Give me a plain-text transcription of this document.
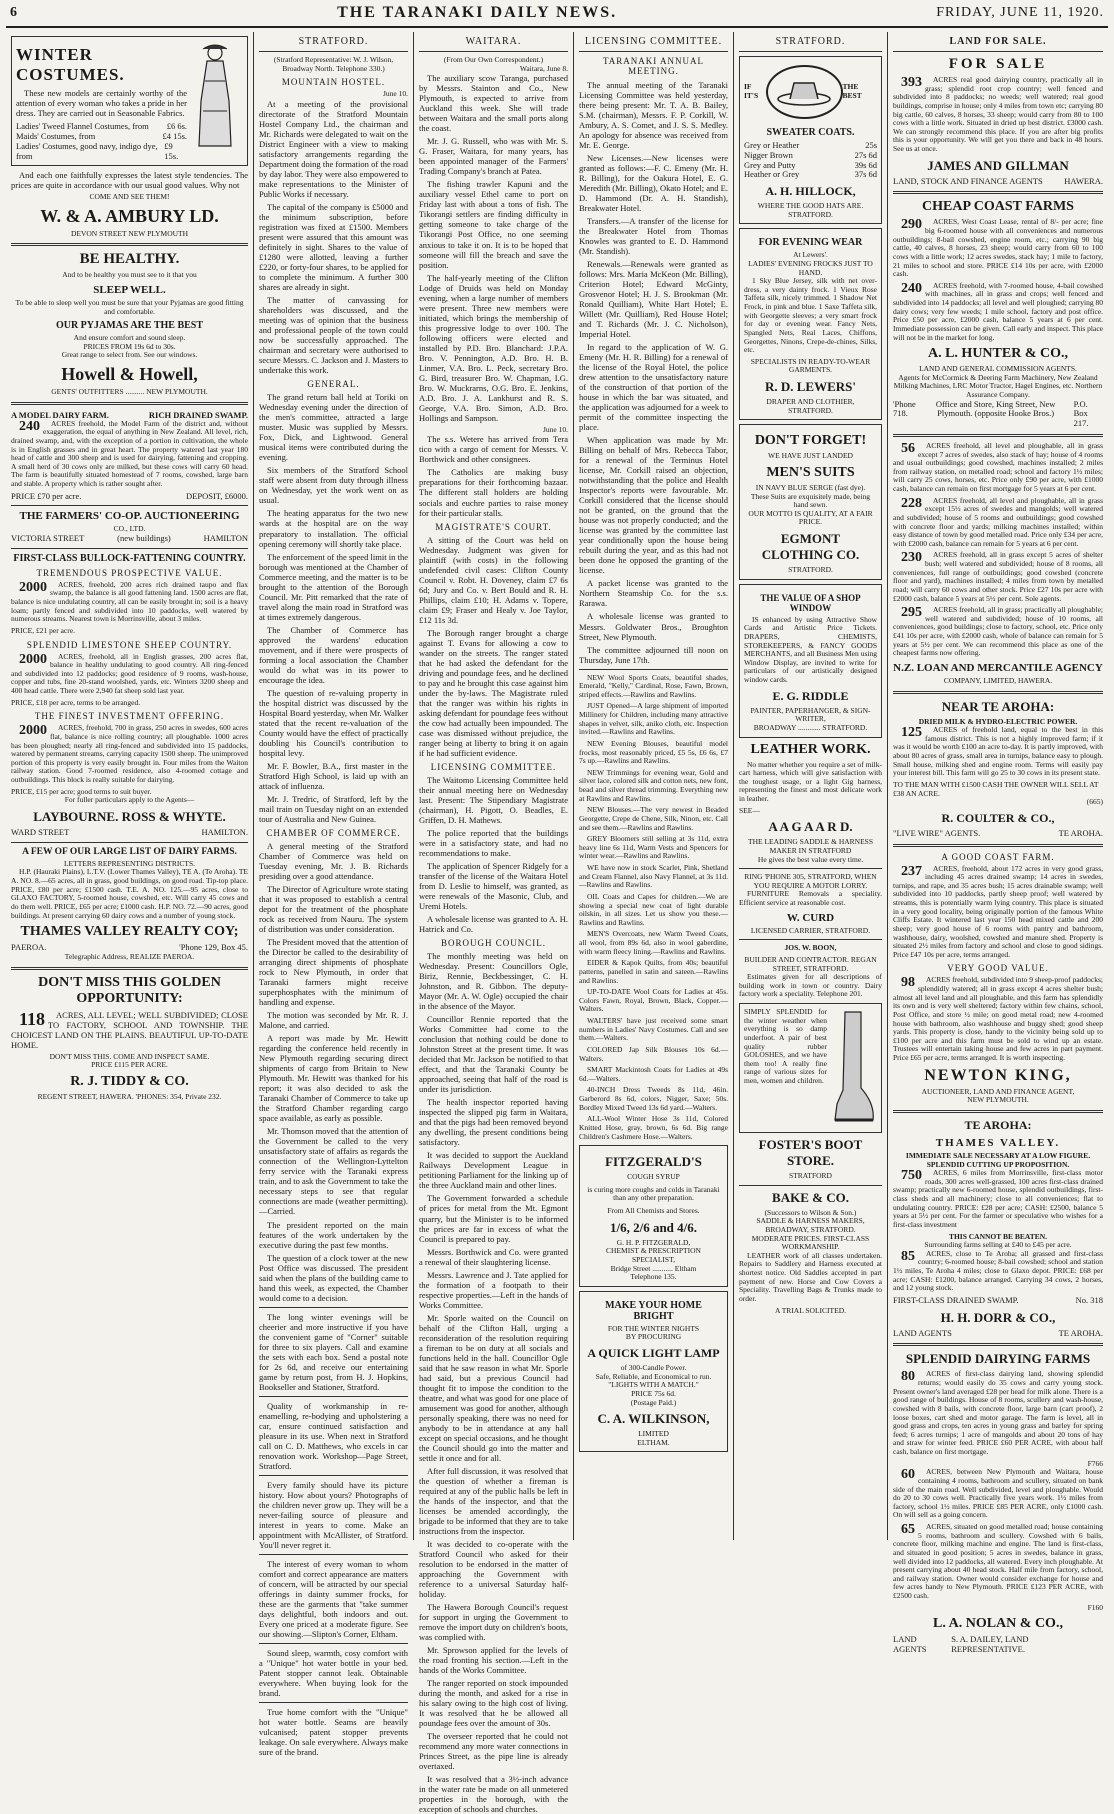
6	THE TARANAKI DAILY NEWS.	FRIDAY, JUNE 11, 1920.
WINTER COSTUMES.

These new models are certainly worthy of the attention of every woman who takes a pride in her dress. They are carried out in Seasonable Fabrics.

Ladies' Tweed Flannel Costumes, from £6 6s.
Maids' Costumes, from	£4 15s.
Ladies' Costumes, good navy, indigo dye, from
£9 15s.

And each one faithfully expresses the latest style tendencies. The prices are quite in accordance with our usual good values. Why not

COME AND SEE THEM!
W. & A. AMBURY LD.
DEVON STREET NEW PLYMOUTH
BE HEALTHY.
And to be healthy you must see to it that you
SLEEP WELL.
To be able to sleep well you must be sure that your Pyjamas are good fitting and comfortable.
OUR PYJAMAS ARE THE BEST
And ensure comfort and sound sleep.
PRICES FROM 19s 6d to 30s.
Great range to select from. See our windows.
Howell & Howell,
GENTS' OUTFITTERS .......... NEW PLYMOUTH.
A MODEL DAIRY FARM.	RICH DRAINED SWAMP.

240 ACRES freehold, the Model Farm of the district and, without exaggeration, the equal of anything in New Zealand. All level, rich, drained swamp, and, with the exception of a portion in cultivation, the whole is in English grasses and in great heart. The property watered last year 180 head of cattle and 300 sheep and is used for dairying, fattening and cropping. A small herd of 30 cows only are milked, but these cows will carry 60 head. The farm is beautifully situated homestead of 7 rooms, cowshed, large barn and stable. A property which is rather sought after.

PRICE £70 per acre.	DEPOSIT, £6000.
THE FARMERS' CO-OP. AUCTIONEERING
CO., LTD.
VICTORIA STREET	(new buildings)	HAMILTON
FIRST-CLASS BULLOCK-FATTENING COUNTRY.
TREMENDOUS PROSPECTIVE VALUE.

2000 ACRES, freehold, 200 acres rich drained taupo and flax swamp, the balance is all good fattening land. 1500 acres are flat, balance is nice undulating country, all can be easily brought in; soil is a heavy loam; partly fenced and subdivided into 10 paddocks, well watered by numerous streams. Nearest town is Morrinsville, about 3 miles.

PRICE, £21 per acre.
SPLENDID LIMESTONE SHEEP COUNTRY.

2000 ACRES, freehold, all in English grasses, 200 acres flat, balance in healthy undulating to good country. All ring-fenced and subdivided into 12 paddocks; good residence of 9 rooms, wash-house, copper and tubs, fine 20-stand woolshed, yards, etc. Winters 3200 sheep and 400 head cattle. There were 2,940 fat sheep sold last year.

PRICE, £18 per acre, terms to be arranged.
THE FINEST INVESTMENT OFFERING.

2000 ACRES, freehold, 700 in grass, 250 acres in swedes, 600 acres flat, balance is nice rolling country; all ploughable. 1000 acres has been ploughed; nearly all ring-fenced and subdivided into 15 paddocks, watered by permanent streams, carrying capacity 1500 sheep. The unimproved portion of this property is very easily brought in. Four miles from the Waiton railway station. Good 7-roomed residence, also 4-roomed cottage and outbuildings. This block is really suitable for dairying.

PRICE, £15 per acre; good terms to suit buyer.
For fuller particulars apply to the Agents—
LAYBOURNE. ROSS & WHYTE.
WARD STREET	HAMILTON.
A FEW OF OUR LARGE LIST OF DAIRY FARMS.
LETTERS REPRESENTING DISTRICTS.

H.P. (Hauraki Plains), L.T.V. (Lower Thames Valley), TE A. (Te Aroha). TE A. NO. 8.—65 acres, all in grass, good buildings, on good road. Tip-top place. PRICE, £80 per acre; £1500 cash. T.E. A. NO. 125.—95 acres, close to GLAXO FACTORY, 5-roomed house, cowshed, etc. Will carry 45 cows and do them well. PRICE, £65 per acre; £1000 cash. H.P. NO. 72.—90 acres, good buildings. At present carrying 60 dairy cows and a number of young stock.

THAMES VALLEY REALTY COY;
PAEROA.	'Phone 129, Box 45.
Telegraphic Address, REALIZE PAEROA.
DON'T MISS THIS GOLDEN OPPORTUNITY:

118 ACRES, ALL LEVEL; WELL SUBDIVIDED; CLOSE TO FACTORY, SCHOOL AND TOWNSHIP. THE CHOICEST LAND ON THE PLAINS. BEAUTIFUL UP-TO-DATE HOME.

DON'T MISS THIS. COME AND INSPECT SAME.
PRICE £115 PER ACRE.
R. J. TIDDY & CO.
REGENT STREET, HAWERA. 'PHONES: 354, Private 232.
STRATFORD.
(Stratford Representative: W. J. Wilson, Broadway North. Telephone 330.)
MOUNTAIN HOSTEL.
June 10.

At a meeting of the provisional directorate of the Stratford Mountain Hostel Company Ltd., the chairman and Mr. Richards were delegated to wait on the District Engineer with a view to making satisfactory arrangements regarding the Department doing the formation of the road by day labor. They were also empowered to make representations to the Minister of Public Works if necessary.

The capital of the company is £5000 and the minimum subscription, before registration was fixed at £1500. Members present were assured that this amount was definitely in sight. Shares to the value of £1280 were allotted, leaving a further £220, or forty-four shares, to be applied for to complete the minimum. A further 300 shares are already in sight.

The matter of canvassing for shareholders was discussed, and the meeting was of opinion that the business and professional people of the town could now be successfully approached. The chairman and secretary were authorised to secure Messrs. C. Jackson and J. Masters to undertake this work.

GENERAL.

The grand return ball held at Toriki on Wednesday evening under the direction of the men's committee, attracted a large muster. Music was supplied by Messrs. Fox, Dick, and Lightwood. General musical items were contributed during the evening.

Six members of the Stratford School staff were absent from duty through illness on Wednesday, yet the work went on as usual.

The heating apparatus for the two new wards at the hospital are on the way preparatory to installation. The official opening ceremony will shortly take place.

The enforcement of the speed limit in the borough was mentioned at the Chamber of Commerce meeting, and the matter is to be brought to the attention of the Borough Council. Mr. Pitt remarked that the rate of travel along the main road in Stratford was at times extremely dangerous.

The Chamber of Commerce has approved the wardens' education movement, and if there were prospects of forming a local association the Chamber would do what was in its power to encourage the idea.

The question of re-valuing property in the hospital district was discussed by the Hospital Board yesterday, when Mr. Walker stated that the recent re-valuation of the County would have the effect of practically doubling his Council's contribution to hospital levy.

Mr. F. Bowler, B.A., first master in the Stratford High School, is laid up with an attack of influenza.

Mr. J. Tredric, of Stratford, left by the mail train on Tuesday night on an extended tour of Australia and New Guinea.

CHAMBER OF COMMERCE.

A general meeting of the Stratford Chamber of Commerce was held on Tuesday evening, Mr. J. B. Richards presiding over a good attendance.

The Director of Agriculture wrote stating that it was proposed to establish a central depot for the treatment of the phosphate rock as received from Nauru. The system of distribution was under consideration.

The President moved that the attention of the Director be called to the desirability of arranging direct shipments of phosphate rock to New Plymouth, in order that Taranaki farmers might receive superphosphates with the minimum of handling and expense.

The motion was seconded by Mr. R. J. Malone, and carried.

A report was made by Mr. Hewitt regarding the conference held recently in New Plymouth regarding securing direct shipments of cargo from Britain to New Plymouth. Mr. Hewitt was thanked for his report; it was also decided to ask the Taranaki Chamber of Commerce to take up the Stratford Chamber regarding cargo space available, as early as possible.

Mr. Thomson moved that the attention of the Government be called to the very unsatisfactory state of affairs as regards the connection of the Wellington-Lyttelton ferry service with the Taranaki express train, and to ask the Government to take the necessary steps to see that regular connections are made (weather permitting).—Carried.

The president reported on the main features of the work undertaken by the executive during the past few months.

The question of a clock tower at the new Post Office was discussed. The president said when the plans of the building came to hand this week, as expected, the Chamber would come to a decision.

The long winter evenings will be cheerier and more instructive if you have the convenient game of "Corner" suitable for three to six players. Call and examine the sets with each box. Send a postal note for 2s 6d, and receive our entertaining game by return post, from H. J. Hopkins, Bookseller and Stationer, Stratford.

Quality of workmanship in re-enamelling, re-bodying and upholstering a car, ensure continued satisfaction and pleasure in its use. When next in Stratford call on C. D. Matthews, who excels in car renovation work. Workshop—Page Street, Stratford.

Every family should have its picture history. How about yours? Photographs of the children never grow up. They will be a never-failing source of pleasure and interest in years to come. Make an appointment with McAllister, of Stratford. You'll never regret it.

The interest of every woman to whom comfort and correct appearance are matters of concern, will be attracted by our special offerings in dainty summer frocks, for these are the garments that "take summer days delightful, both indoors and out. Every one priced at a moderate figure. See our showing.—Slipton's Corner, Eltham.

Sound sleep, warmth, cosy comfort with a "Unique" hot water bottle in your bed. Patent stopper cannot leak. Obtainable everywhere. When buying look for the brand.

True home comfort with the "Unique" hot water bottle. Seams are heavily vulcanised; patent stopper prevents leakage. On sale everywhere. Always make sure of the brand.

WAITARA.
(From Our Own Correspondent.)
Waitara, June 8.

The auxiliary scow Taranga, purchased by Messrs. Stainton and Co., New Plymouth, is expected to arrive from Auckland this week. She will trade between Waitara and the small ports along the coast.

Mr. J. G. Russell, who was with Mr. S. G. Fraser, Waitara, for many years, has been appointed manager of the Farmers' Trading Company's branch at Patea.

The fishing trawler Kapuni and the auxiliary vessel Ethel came to port on Friday last with about a tons of fish. The Tikorangi settlers are finding difficulty in getting someone to take charge of the Tikorangi Post Office, no one seeming anxious to take it on. It is to be hoped that someone will fill the breach and save the position.

The half-yearly meeting of the Clifton Lodge of Druids was held on Monday evening, when a large number of members were present. Three new members were initiated, which brings the membership of this progressive lodge to over 100. The following officers were elected and installed by P.D. Bro. Blanchard: J.P.A. Bro. V. Pennington, A.D. Bro. H. B. Linmer, V.A. Bro. L. Peck, secretary Bro. G. Bird, treasurer Bro. W. Chapman, I.G. Bro. W. Muckrarns, O.G. Bro. E. Jenkins, A.D. Bro. J. A. Lankhurst and R. S. George, V.A. Bro. Simon, A.D. Bro. Hollings and Sampson.

June 10.

The s.s. Wetere has arrived from Tera tico with a cargo of cement for Messrs. V. Borthwick and other consignees.

The Catholics are making busy preparations for their forthcoming bazaar. The different stall holders are holding socials and euchre parties to raise money for their particular stalls.

MAGISTRATE'S COURT.

A sitting of the Court was held on Wednesday. Judgment was given for plaintiff (with costs) in the following undefended civil cases: Clifton County Council v. Robt. H. Doveney, claim £7 6s 6d; Jury and Co. v. Bert Bould and R. H. Phillips, claim £10; H. Adams v. Topere, claim £9; Fraser and Healy v. Joe Taylor, £12 11s 3d.

The Borough ranger brought a charge against T. Evans for allowing a cow to wander on the streets. The ranger stated that he had asked the defendant for the driving and poundage fees, and he declined to pay and he brought this case against him under the by-laws. The Magistrate ruled that the ranger was within his rights in asking defendant for poundage fees without the cow had actually been impounded. The case was dismissed without prejudice, the ranger being at liberty to bring it on again if he had sufficient evidence.

LICENSING COMMITTEE.

The Waitomo Licensing Committee held their annual meeting here on Wednesday last. Present: The Stipendiary Magistrate (chairman), H. Pigott, O. Beadles, E. Griffen, D. H. Mathews.

The police reported that the buildings were in a satisfactory state, and had no recommendations to make.

The application of Spencer Ridgely for a transfer of the license of the Waitara Hotel from D. Leslie to himself, was granted, as were renewals of the Masonic, Club, and Uremi Hotels.

A wholesale license was granted to A. H. Hatrick and Co.

BOROUGH COUNCIL.

The monthly meeting was held on Wednesday. Present: Councillors Ogle, Biriz, Rennie, Beckbessinger, C. H. Johnston, and R. Gibbon. The deputy-Mayor (Mr. A. W. Ogle) occupied the chair in the absence of the Mayor.

Councillor Rennie reported that the Works Committee had come to the conclusion that nothing could be done to Johnston Street at the present time. It was decided that Mr. Jackson be notified to that effect, and that the Taranaki County be approached, seeing that half of the road is under its jurisdiction.

The health inspector reported having inspected the slipped pig farm in Waitara, and that the pigs had been removed beyond any dwelling, the present conditions being satisfactory.

It was decided to support the Auckland Railways Development League in petitioning Parliament for the linking up of the three Auckland main and other lines.

The Government forwarded a schedule of prices for metal from the Mt. Egmont quarry, but the Minister is to be informed the prices are far in excess of what the Council is prepared to pay.

Messrs. Borthwick and Co. were granted a renewal of their slaughtering license.

Messrs. Lawrence and J. Tate applied for the formation of a footpath to their respective properties.—Left in the hands of Works Committee.

Mr. Sporle waited on the Council on behalf of the Clifton Hall, urging a reconsideration of the resolution requiring a fireman to be on duty at all socials and functions held in the hall. Councillor Ogle said that he saw reason in what Mr. Sporle had said, but a previous Council had thought fit to impose the condition to the theatre, and what was good for one place of amusement was good for another, although personally speaking, there was no need for anybody to be in attendance at any hall except on special occasions, and he thought the Council should go into the matter and settle it once and for all.

After full discussion, it was resolved that the question of whether a fireman is required at any of the public halls be left in the hands of the inspector, and that the licenses be amended accordingly, the brigade to be informed that they are to take instructions from the inspector.

It was decided to co-operate with the Stratford Council who asked for their resolution to be endorsed in the matter of approaching the Government with reference to a universal Saturday half-holiday.

The Hawera Borough Council's request for support in urging the Government to remove the import duty on children's boots, was complied with.

Mr. Sprowson applied for the levels of the road fronting his section.—Left in the hands of the Works Committee.

The ranger reported on stock impounded during the month, and asked for a rise in his salary owing to the high cost of living. It was resolved that he be allowed all poundage fees over the amount of 30s.

The overseer reported that he could not recommend any more water connections in Princes Street, as the pipe line is already overtaxed.

It was resolved that a 3½-inch advance in the water rate be made on all unmetered properties in the borough, with the exception of schools and churches.

LICENSING COMMITTEE.
TARANAKI ANNUAL MEETING.

The annual meeting of the Taranaki Licensing Committee was held yesterday, there being present: Mr. T. A. B. Bailey, S.M. (chairman), Messrs. F. P. Corkill, W. Ambury, A. S. Comet, and J. S. S. Medley. An apology for absence was received from Mr. E. George.

New Licenses.—New licenses were granted as follows:—F. C. Emeny (Mr. H. R. Billing), for the Oakura Hotel, E. G. Meredith (Mr. Billing), Okato Hotel; and E. D. Hammond (Dr. A. H. Standish), Breakwater Hotel.

Transfers.—A transfer of the license for the Breakwater Hotel from Thomas Knowles was granted to E. D. Hammond (Mr. Standish).

Renewals.—Renewals were granted as follows: Mrs. Maria McKeon (Mr. Billing), Criterion Hotel; Edward McGinty, Grosvenor Hotel; H. J. S. Brookman (Mr. Ronald Quilliam), White Hart Hotel; E. Willett (Mr. Quilliam), Red House Hotel; and T. Richards (Mr. J. C. Nicholson), Imperial Hotel.

In regard to the application of W. G. Emeny (Mr. H. R. Billing) for a renewal of the license of the Royal Hotel, the police drew attention to the unsatisfactory nature of the construction of that portion of the house in which the bar was situated, and the application was adjourned for a week to permit of the committee inspecting the place.

When application was made by Mr. Billing on behalf of Mrs. Rebecca Tabor, for a renewal of the Terminus Hotel license, Mr. Corkill raised an objection, notwithstanding that the police and Health Inspector's reports were favourable. Mr. Corkill considered that the license should not be granted, on the ground that the house was not properly conducted; and the license was granted by the committee last year conditionally upon the house being rebuilt during the year, and as this had not been done he opposed the granting of the license.

A packet license was granted to the Northern Steamship Co. for the s.s. Rarawa.

A wholesale license was granted to Messrs. Goldwater Bros., Broughton Street, New Plymouth.

The committee adjourned till noon on Thursday, June 17th.

NEW Wool Sports Coats, beautiful shades, Emerald, "Kelly," Cardinal, Rose, Fawn, Brown, striped effects.—Rawlins and Rawlins.

JUST Opened—A large shipment of imported Millinery for Children, including many attractive shapes in velvet, silk, aniko cloth, etc. Inspection invited.—Rawlins and Rawlins.

NEW Evening Blouses, beautiful model frocks, most reasonably priced, £5 5s, £6 6s, £7 7s up.—Rawlins and Rawlins.

NEW Trimmings for evening wear, Gold and silver lace, colored silk and cotton nets, new font, bead and silver thread trimming. Everything new at Rawlins and Rawlins.

NEW Blouses.—The very newest in Beaded Georgette, Crepe de Chene, Silk, Ninon, etc. Call and see them.—Rawlins and Rawlins.

GREY Bloomers still selling at 3s 11d, extra heavy line 6s 11d, Warm Vests and Spencers for winter wear.—Rawlins and Rawlins.

WE have now in stock Scarlet, Pink, Shetland and Cream Flannel, also Navy Flannel, at 3s 11d.—Rawlins and Rawlins.

OIL Coats and Capes for children.—We are showing a special new coat of light durable oilskin, in all sizes. Let us show you these.—Rawlins and Rawlins.

MEN'S Overcoats, new Warm Tweed Coats, all wool, from 89s 6d, also in wool gaberdine, with warm fleecy lining.—Rawlins and Rawlins.

EIDER & Kapok Quilts, from 40s; beautiful patterns, panelled in satin and sateen.—Rawlins and Rawlins.

UP-TO-DATE Wool Coats for Ladies at 45s. Colors Fawn, Royal, Brown, Black, Copper.—Walters.

WALTERS' have just received some smart numbers in Ladies' Navy Costumes. Call and see them.—Walters.

COLORED Jap Silk Blouses 10s 6d.—Walters.

SMART Mackintosh Coats for Ladies at 49s 6d.—Walters.

40-INCH Dress Tweeds 8s 11d, 46in. Garberord 8s 6d, colors, Nigger, Saxe; 50s. Bordley Mixed Tweed 13s 6d yard.—Walters.

ALL-Wool Winter Hose 3s 11d, Colored Knitted Hose, gray, brown, 6s 6d. Big range Children's Cashmere Hose.—Walters.

FITZGERALD'S
COUGH SYRUP
is curing more coughs and colds in Taranaki than any other preparation.
From All Chemists and Stores.
1/6, 2/6 and 4/6.
G. H. P. FITZGERALD,
CHEMIST & PRESCRIPTION SPECIALIST,
Bridge Street ........... Eltham
Telephone 135.
MAKE YOUR HOME BRIGHT
FOR THE WINTER NIGHTS
BY PROCURING
A QUICK LIGHT LAMP
of 300-Candle Power.
Safe, Reliable, and Economical to run. "LIGHTS WITH A MATCH."
PRICE 75s 6d.
(Postage Paid.)
C. A. WILKINSON,
LIMITED
ELTHAM.
STRATFORD.
IF IT'S
THE BEST
SWEATER COATS.
Grey or Heather	25s
Nigger Brown	27s 6d
Grey and Putty	39s 6d
Heather or Grey	37s 6d
A. H. HILLOCK,
WHERE THE GOOD HATS ARE. STRATFORD.
FOR EVENING WEAR
At Lewers'.
LADIES' EVENING FROCKS JUST TO HAND.

1 Sky Blue Jersey, silk with net over-dress, a very dainty frock. 1 Vieux Rose Taffeta silk, nicely trimmed. 1 Shadow Net Frock, in pink and blue. 1 Saxe Taffeta silk, with Georgette sleeves; a very smart frock for day or evening wear. Fancy Nets, Spangled Nets, Real Laces, Chiffons, Georgettes, Ninons, Crepe-de-chines, Silks, etc.

SPECIALISTS IN READY-TO-WEAR GARMENTS.
R. D. LEWERS'
DRAPER AND CLOTHIER, STRATFORD.
DON'T FORGET!
WE HAVE JUST LANDED
MEN'S SUITS
IN NAVY BLUE SERGE (fast dye).
These Suits are exquisitely made, being hand sewn.
OUR MOTTO IS QUALITY, AT A FAIR PRICE.
EGMONT CLOTHING CO.
STRATFORD.
THE VALUE OF A SHOP WINDOW

IS enhanced by using Attractive Show Cards and Artistic Price Tickets. DRAPERS, CHEMISTS, STOREKEEPERS, & FANCY GOODS MERCHANTS, and all Business Men using Window Display, are invited to write for particulars of our artistically designed window cards.

E. G. RIDDLE
PAINTER, PAPERHANGER, & SIGN-WRITER,
BROADWAY ............ STRATFORD.
LEATHER WORK.

No matter whether you require a set of milk-cart harness, which will give satisfaction with the toughest usage, or a light Gig harness, representing the finest and most delicate work in leather.

SEE—
A A G A A R D.
THE LEADING SADDLE & HARNESS MAKER IN STRATFORD
He gives the best value every time.
RING 'PHONE 305, STRATFORD, WHEN YOU REQUIRE A MOTOR LORRY.

FURNITURE Removals a speciality. Efficient service at reasonable cost.

W. CURD
LICENSED CARRIER, STRATFORD.
JOS. W. BOON,
BUILDER AND CONTRACTOR. REGAN STREET, STRATFORD.

Estimates given for all descriptions of building work in town or country. Dairy factory work a speciality. Telephone 201.

SIMPLY SPLENDID for the winter weather when everything is so damp underfoot. A pair of best quality rubber GOLOSHES, and we have them too! A really fine range of various sizes for men, women and children.
FOSTER'S BOOT STORE.
STRATFORD
BAKE & CO.
(Successors to Wilson & Son.)
SADDLE & HARNESS MAKERS, BROADWAY, STRATFORD.
MODERATE PRICES. FIRST-CLASS WORKMANSHIP.

LEATHER work of all classes undertaken. Repairs to Saddlery and Harness executed at shortest notice. Old Saddles accepted in part payment of new. Horse and Cow Covers a Speciality. Travelling Bags & Trunks made to order.

A TRIAL SOLICITED.
LAND FOR SALE.
FOR SALE

393 ACRES real good dairying country, practically all in grass; splendid root crop country; well fenced and subdivided into 8 paddocks; no weeds; well watered; real good buildings, comprise in house; only 4 miles from town etc; carrying 80 big cattle, 60 calves, 8 horses, 33 sheep; would carry from 80 to 100 cows with a little work. Situated in dried up best district. £3000 cash. We can strongly recommend this place. If you are after big profits this is your opportunity. We will get you there and back in 48 hours. See us at once.

JAMES AND GILLMAN
LAND, STOCK AND FINANCE AGENTS	HAWERA.
CHEAP COAST FARMS

290 ACRES, West Coast Lease, rental of 8/- per acre; fine big 6-roomed house with all conveniences and numerous outbuildings; 8-bail cowshed, engine room, etc.; carrying 90 big cattle, 40 calves, 8 horses, 23 sheep; would carry from 60 to 100 cows with a little work; 12 acres swedes, stack hay; 1 mile to factory, 21 miles to school and store. PRICE £14 10s per acre, with £2000 cash.

240 ACRES freehold, with 7-roomed house, 4-bail cowshed with machines, all in grass and crops; well fenced and subdivided into 14 paddocks; all level and well ploughed; carrying 80 dairy cows; very few weeds; 1 mile school, factory and post office. Price £50 per acre, £2000 cash, balance 5 years at 6 per cent. Immediate possession can be given. Call early and inspect. This place will not be in the market for long.

A. L. HUNTER & CO.,
LAND AND GENERAL COMMISSION AGENTS.
Agents for McCormick & Deering Farm Machinery, New Zealand Milking Machines, LRC Motor Tractor, Hagel Engines, etc. Northern Assurance Company.
'Phone 718.
Office and Store, King Street, New Plymouth. (opposite Hooke Bros.)
P.O. Box 217.

56 ACRES freehold, all level and ploughable, all in grass except 7 acres of swedes, also stack of hay; house of 4 rooms and usual outbuildings; good cowshed, machines installed; 2 miles from railway station, on metalled road; school and factory 1½ miles; will carry 25 cows, horses, etc. Price only £90 per acre, with £1000 cash, balance can remain on first mortgage for 5 years at 6 per cent.

228 ACRES freehold, all level and ploughable, all in grass except 15½ acres of swedes and mangolds; well watered and subdivided; house of 5 rooms and outbuildings; good cowshed with concrete floor and yards; milking machines installed; within easy distance of town by good metalled road. Price only £34 per acre, with £2000 cash, balance can remain for 5 years at 6 per cent.

230 ACRES freehold, all in grass except 5 acres of shelter bush; well watered and subdivided; house of 8 rooms, all conveniences, full range of outbuildings; good cowshed (concrete floor and yard), machines installed; 4 miles from town by metalled road; will carry 60 cows and other stock. Price £27 10s per acre with £2000 cash, balance 5 years at 5½ per cent. Sole agents.

295 ACRES freehold, all in grass; practically all ploughable; well watered and subdivided; house of 10 rooms, all conveniences, good buildings; close to factory, school, etc. Price only £41 10s per acre, with £2000 cash, whole of balance can remain for 5 years at 5½ per cent. We can recommend this place as one of the cheapest farms now offering.

N.Z. LOAN AND MERCANTILE AGENCY
COMPANY, LIMITED, HAWERA.
NEAR TE AROHA:
DRIED MILK & HYDRO-ELECTRIC POWER.

125 ACRES of freehold land, equal to the best in this famous district. This is not a highly improved farm; if it was it would be worth £100 an acre to-day. It is partly improved, with about 80 acres of grass, small area in turnips, balance easy to plough. Small house, milking shed and engine room. Terms will easily pay your interest bill. This farm will go 25 to 30 cows in its present state.

TO THE MAN WITH £1500 CASH THE OWNER WILL SELL AT £38 AN ACRE.
(665)
R. COULTER & CO.,
"LIVE WIRE" AGENTS.	TE AROHA.
A GOOD COAST FARM.

237 ACRES, freehold, about 172 acres in very good grass, including 45 acres drained swamp; 14 acres in swedes, turnips, and rape, and 35 acres bush; 15 acres drainable swamp; well subdivided into 10 paddocks, partly sheep proof; well watered by streams, this is potentially warm lying country. This place is situated in a very good locality, being originally portion of the famous White Cliffs Estate. It wintered last year 150 head mixed cattle and 200 sheep; very good house of 6 rooms with pantry and bathroom, washhouse, dairy, woolshed, cowshed and manure shed. Property is situated 2½ miles from factory and school and close to good sidings. Price £47 10s per acre, terms arranged.

VERY GOOD VALUE.

98 ACRES freehold, subdivided into 9 sheep-proof paddocks; splendidly watered; all in grass except 4 acres shelter bush; almost all level land and all ploughable, and this farm has splendidly its own and is very well sheltered; factory within few chains, school, Post Office, and store ½ mile; on good metal road; new 4-roomed house with bathroom, also washhouse and buggy shed; good sheep yards. This property is close, handy to the vicinity being sold up to £100 per acre and this farm must be sold to wind up an estate. Trustees will entertain taking house and few acres in part payment. Price £65 per acre, terms arranged. It is worth inspecting.

NEWTON KING,
AUCTIONEER, LAND AND FINANCE AGENT,
NEW PLYMOUTH.
TE AROHA:
THAMES VALLEY.
IMMEDIATE SALE NECESSARY AT A LOW FIGURE.
SPLENDID CUTTING UP PROPOSITION.

750 ACRES, 6 miles from Morrinsville, first-class motor roads, 300 acres well-grassed, 100 acres first-class drained swamp; practically new 6-roomed house, splendid outbuildings, first-class sheds and all machinery; close to all conveniences; flat to undulating country. PRICE: £28 per acre; CASH: £2500, balance 5 years at 5½ per cent. For the farmer or speculative who wishes for a first-class investment

THIS CANNOT BE BEATEN.
Surrounding farms selling at £40 to £45 per acre.

85 ACRES, close to Te Aroha; all grassed and first-class country; 6-roomed house; 8-bail cowshed; school and station 1½ miles, Te Aroha 4 miles; close to Glaxo depot. PRICE: £68 per acre; CASH: £1200, balance arranged. Carrying 34 cows, 2 horses, and 12 young stock.

FIRST-CLASS DRAINED SWAMP.	No. 318
H. H. DORR & CO.,
LAND AGENTS	TE AROHA.
SPLENDID DAIRYING FARMS

80 ACRES of first-class dairying land, showing splendid returns; would easily do 35 cows and carry young stock. Present owner's land averaged £28 per head for milk alone. There is a good range of buildings. House of 8 rooms, scullery and wash-house, cowshed with 8 bails, with concrete floor, large barn (cart proof), 2 loose boxes, cart shed and motor garage. The farm is level, all in good grass and crops, ten acres in young grass and barley for spring feed; 6 acres turnips; 1 acre of mangolds and about 20 tons of hay and straw for winter feed. PRICE £60 PER ACRE, with about half cash, balance on first mortgage.

F766

60 ACRES, between New Plymouth and Waitara, house containing 4 rooms, bathroom and scullery, situated on bank side of the main road. Well subdivided, level and ploughable. Would do 20 to 30 cows well. Practically five years work. 1½ miles from factory, school 1½ miles. PRICE £85 PER ACRE, only £1000 cash. On will sell as a going concern.

65 ACRES, situated on good metalled road; house containing 5 rooms, bathroom and scullery. Cowshed with 6 bails, concrete floor, milking machine and engine. The land is first-class, and situated in good position; 5 acres in swedes, balance in grass, well divided into 12 paddocks, all watered. Every inch ploughable. At present carrying about 40 head stock. Half mile from factory, school, and railway station. Owner would consider exchange for house and few acres handy to New Plymouth. PRICE £123 PER ACRE, with £2500 cash.

F160
L. A. NOLAN & CO.,
LAND AGENTS
S. A. DAILEY, LAND REPRESENTATIVE.
